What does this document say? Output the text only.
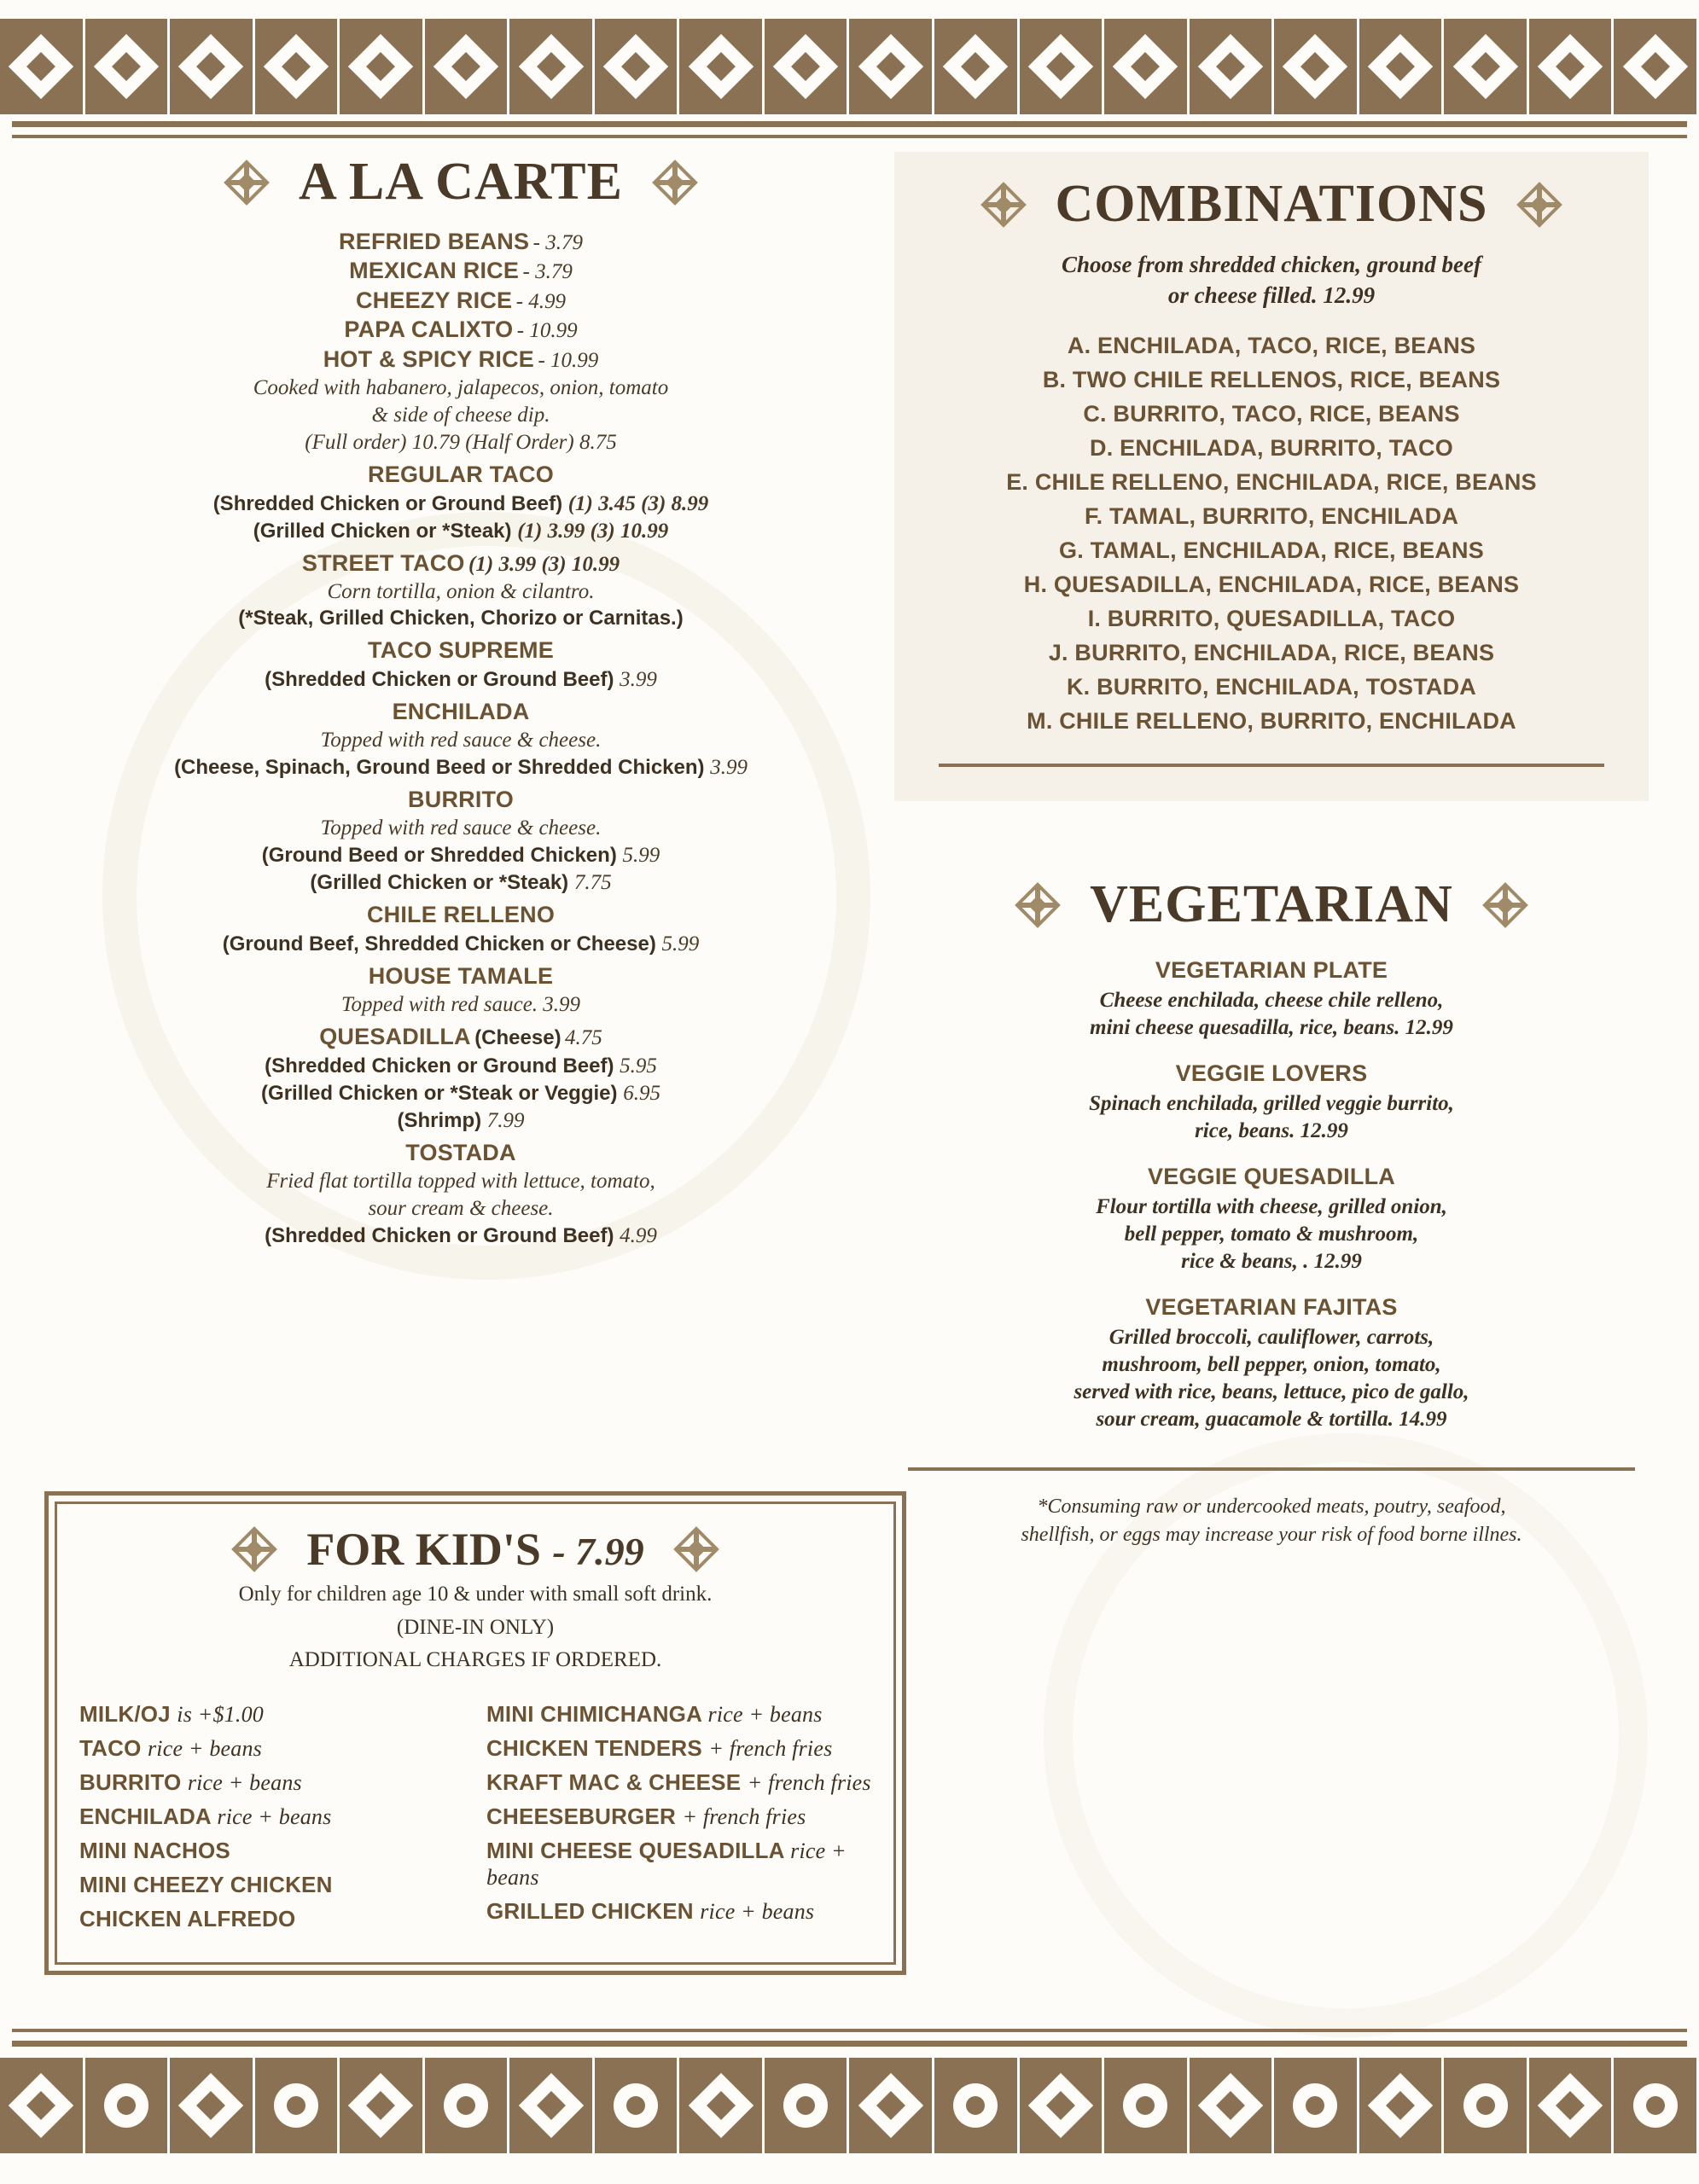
A LA CARTE
REFRIED BEANS - 3.79
MEXICAN RICE - 3.79
CHEEZY RICE - 4.99
PAPA CALIXTO - 10.99
HOT & SPICY RICE - 10.99
Cooked with habanero, jalapecos, onion, tomato
& side of cheese dip.
(Full order) 10.79 (Half Order) 8.75
REGULAR TACO
(Shredded Chicken or Ground Beef) (1) 3.45 (3) 8.99
(Grilled Chicken or *Steak) (1) 3.99 (3) 10.99
STREET TACO (1) 3.99 (3) 10.99
Corn tortilla, onion & cilantro.
(*Steak, Grilled Chicken, Chorizo or Carnitas.)
TACO SUPREME
(Shredded Chicken or Ground Beef) 3.99
ENCHILADA
Topped with red sauce & cheese.
(Cheese, Spinach, Ground Beed or Shredded Chicken) 3.99
BURRITO
Topped with red sauce & cheese.
(Ground Beed or Shredded Chicken) 5.99
(Grilled Chicken or *Steak) 7.75
CHILE RELLENO
(Ground Beef, Shredded Chicken or Cheese) 5.99
HOUSE TAMALE
Topped with red sauce. 3.99
QUESADILLA (Cheese) 4.75
(Shredded Chicken or Ground Beef) 5.95
(Grilled Chicken or *Steak or Veggie) 6.95
(Shrimp) 7.99
TOSTADA
Fried flat tortilla topped with lettuce, tomato,
sour cream & cheese.
(Shredded Chicken or Ground Beef) 4.99
COMBINATIONS
Choose from shredded chicken, ground beef
or cheese filled. 12.99
A. ENCHILADA, TACO, RICE, BEANS
B. TWO CHILE RELLENOS, RICE, BEANS
C. BURRITO, TACO, RICE, BEANS
D. ENCHILADA, BURRITO, TACO
E. CHILE RELLENO, ENCHILADA, RICE, BEANS
F. TAMAL, BURRITO, ENCHILADA
G. TAMAL, ENCHILADA, RICE, BEANS
H. QUESADILLA, ENCHILADA, RICE, BEANS
I. BURRITO, QUESADILLA, TACO
J. BURRITO, ENCHILADA, RICE, BEANS
K. BURRITO, ENCHILADA, TOSTADA
M. CHILE RELLENO, BURRITO, ENCHILADA
VEGETARIAN
VEGETARIAN PLATE
Cheese enchilada, cheese chile relleno,
mini cheese quesadilla, rice, beans. 12.99
VEGGIE LOVERS
Spinach enchilada, grilled veggie burrito,
rice, beans. 12.99
VEGGIE QUESADILLA
Flour tortilla with cheese, grilled onion,
bell pepper, tomato & mushroom,
rice & beans, . 12.99
VEGETARIAN FAJITAS
Grilled broccoli, cauliflower, carrots,
mushroom, bell pepper, onion, tomato,
served with rice, beans, lettuce, pico de gallo,
sour cream, guacamole & tortilla. 14.99
*Consuming raw or undercooked meats, poutry, seafood,
shellfish, or eggs may increase your risk of food borne illnes.
FOR KID'S - 7.99
Only for children age 10 & under with small soft drink.
(DINE-IN ONLY)
ADDITIONAL CHARGES IF ORDERED.
MILK/OJ is +$1.00
TACO rice + beans
BURRITO rice + beans
ENCHILADA rice + beans
MINI NACHOS
MINI CHEEZY CHICKEN
CHICKEN ALFREDO
MINI CHIMICHANGA rice + beans
CHICKEN TENDERS + french fries
KRAFT MAC & CHEESE + french fries
CHEESEBURGER + french fries
MINI CHEESE QUESADILLA rice + beans
GRILLED CHICKEN rice + beans
